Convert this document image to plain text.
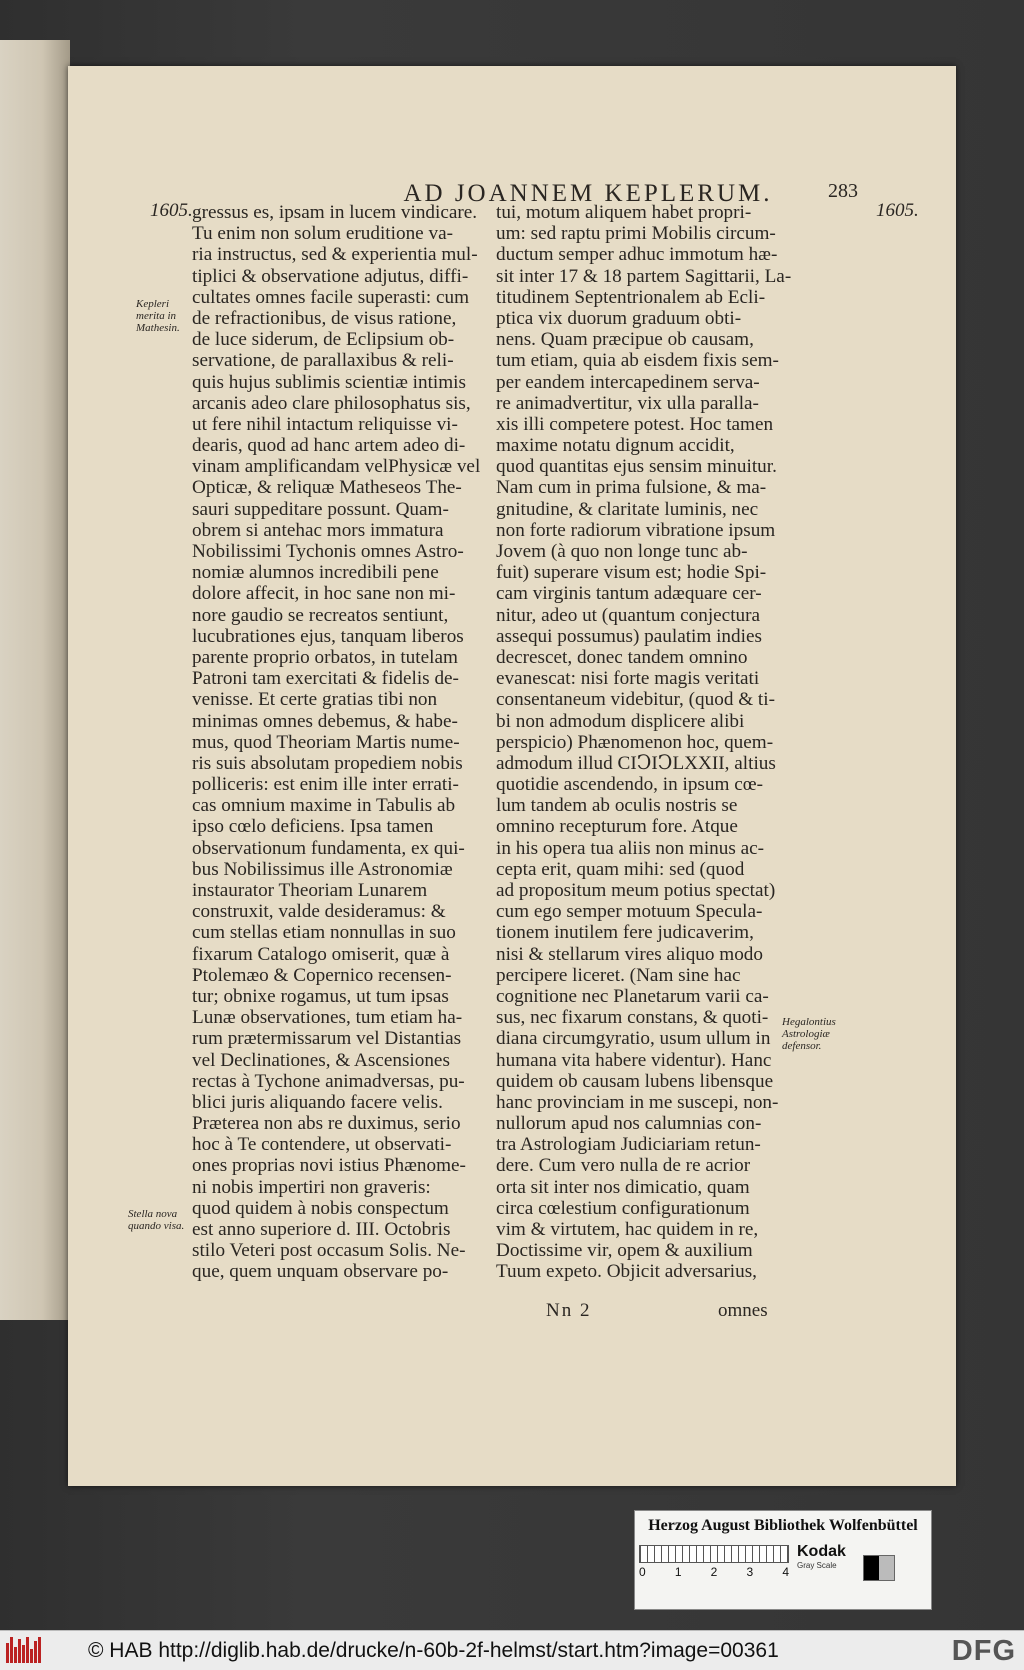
AD JOANNEM KEPLERUM.	283
1605.	1605.
gressus es, ipsam in lucem vindicare.
Tu enim non solum eruditione va-
ria instructus, sed & experientia mul-
tiplici & observatione adjutus, diffi-
cultates omnes facile superasti: cum
de refractionibus, de visus ratione,
de luce siderum, de Eclipsium ob-
servatione, de parallaxibus & reli-
quis hujus sublimis scientiæ intimis
arcanis adeo clare philosophatus sis,
ut fere nihil intactum reliquisse vi-
dearis, quod ad hanc artem adeo di-
vinam amplificandam velPhysicæ vel
Opticæ, & reliquæ Matheseos The-
sauri suppeditare possunt. Quam-
obrem si antehac mors immatura
Nobilissimi Tychonis omnes Astro-
nomiæ alumnos incredibili pene
dolore affecit, in hoc sane non mi-
nore gaudio se recreatos sentiunt,
lucubrationes ejus, tanquam liberos
parente proprio orbatos, in tutelam
Patroni tam exercitati & fidelis de-
venisse. Et certe gratias tibi non
minimas omnes debemus, & habe-
mus, quod Theoriam Martis nume-
ris suis absolutam propediem nobis
polliceris: est enim ille inter errati-
cas omnium maxime in Tabulis ab
ipso cœlo deficiens. Ipsa tamen
observationum fundamenta, ex qui-
bus Nobilissimus ille Astronomiæ
instaurator Theoriam Lunarem
construxit, valde desideramus: &
cum stellas etiam nonnullas in suo
fixarum Catalogo omiserit, quæ à
Ptolemæo & Copernico recensen-
tur; obnixe rogamus, ut tum ipsas
Lunæ observationes, tum etiam ha-
rum prætermissarum vel Distantias
vel Declinationes, & Ascensiones
rectas à Tychone animadversas, pu-
blici juris aliquando facere velis.
Præterea non abs re duximus, serio
hoc à Te contendere, ut observati-
ones proprias novi istius Phænome-
ni nobis impertiri non graveris:
quod quidem à nobis conspectum
est anno superiore d. III. Octobris
stilo Veteri post occasum Solis. Ne-
que, quem unquam observare po-
tui, motum aliquem habet propri-
um: sed raptu primi Mobilis circum-
ductum semper adhuc immotum hæ-
sit inter 17 & 18 partem Sagittarii, La-
titudinem Septentrionalem ab Ecli-
ptica vix duorum graduum obti-
nens. Quam præcipue ob causam,
tum etiam, quia ab eisdem fixis sem-
per eandem intercapedinem serva-
re animadvertitur, vix ulla paralla-
xis illi competere potest. Hoc tamen
maxime notatu dignum accidit,
quod quantitas ejus sensim minuitur.
Nam cum in prima fulsione, & ma-
gnitudine, & claritate luminis, nec
non forte radiorum vibratione ipsum
Jovem (à quo non longe tunc ab-
fuit) superare visum est; hodie Spi-
cam virginis tantum adæquare cer-
nitur, adeo ut (quantum conjectura
assequi possumus) paulatim indies
decrescet, donec tandem omnino
evanescat: nisi forte magis veritati
consentaneum videbitur, (quod & ti-
bi non admodum displicere alibi
perspicio) Phænomenon hoc, quem-
admodum illud CIↃIↃLXXII, altius
quotidie ascendendo, in ipsum cœ-
lum tandem ab oculis nostris se
omnino recepturum fore. Atque
in his opera tua aliis non minus ac-
cepta erit, quam mihi: sed (quod
ad propositum meum potius spectat)
cum ego semper motuum Specula-
tionem inutilem fere judicaverim,
nisi & stellarum vires aliquo modo
percipere liceret. (Nam sine hac
cognitione nec Planetarum varii ca-
sus, nec fixarum constans, & quoti-
diana circumgyratio, usum ullum in
humana vita habere videntur). Hanc
quidem ob causam lubens libensque
hanc provinciam in me suscepi, non-
nullorum apud nos calumnias con-
tra Astrologiam Judiciariam retun-
dere. Cum vero nulla de re acrior
orta sit inter nos dimicatio, quam
circa cœlestium configurationum
vim & virtutem, hac quidem in re,
Doctissime vir, opem & auxilium
Tuum expeto. Objicit adversarius,
Kepleri merita in Mathesin.
Stella nova quando visa.
Hegalontius Astrologiæ defensor.
Nn 2	omnes
Herzog August Bibliothek Wolfenbüttel
0 1 2 3 4
Kodak
Gray Scale
© HAB http://diglib.hab.de/drucke/n-60b-2f-helmst/start.htm?image=00361	DFG
